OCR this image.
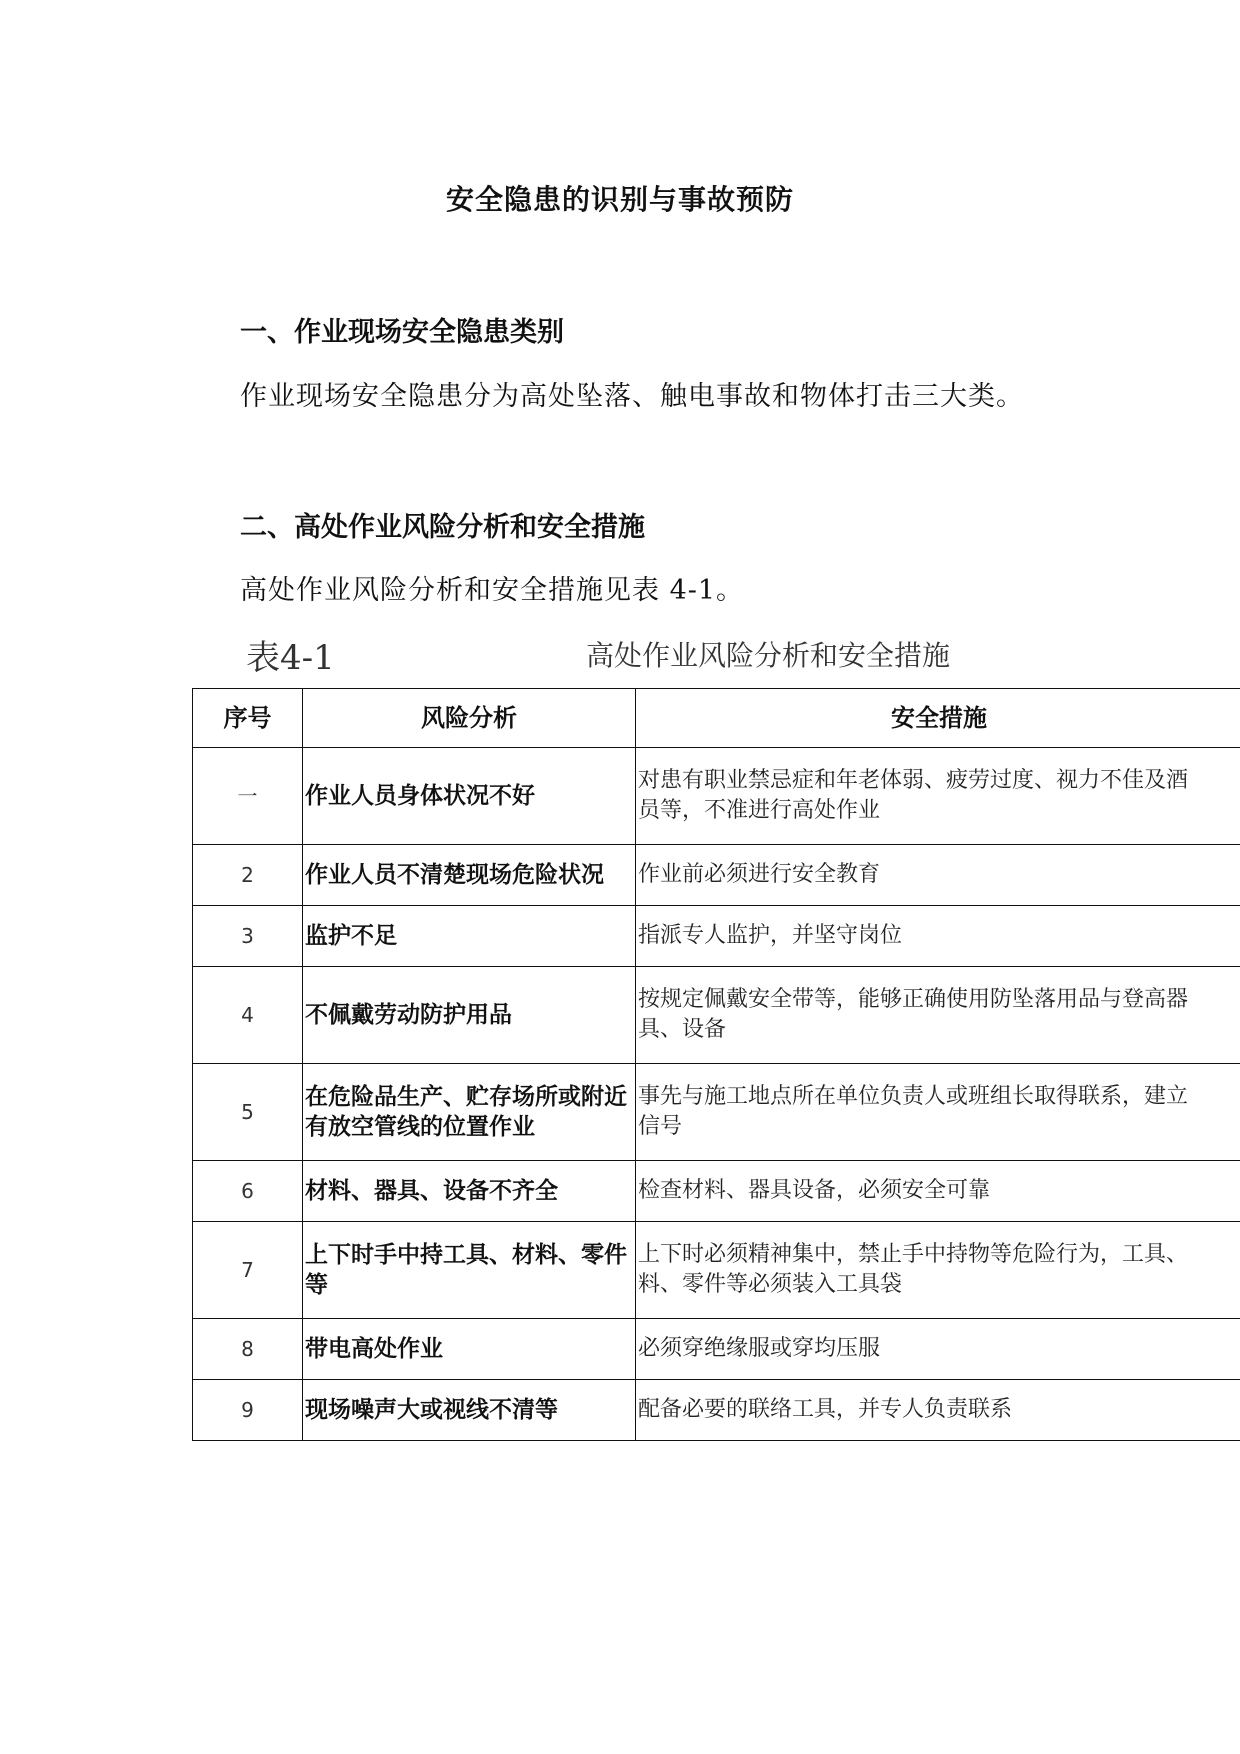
安全隐患的识别与事故预防
一、作业现场安全隐患类别

作业现场安全隐患分为高处坠落、触电事故和物体打击三大类。

二、高处作业风险分析和安全措施

高处作业风险分析和安全措施见表 4-1。

表4-1	高处作业风险分析和安全措施
序号	风险分析	安全措施
一	作业人员身体状况不好	对患有职业禁忌症和年老体弱、疲劳过度、视力不佳及酒
员等，不准进行高处作业

2	作业人员不清楚现场危险状况	作业前必须进行安全教育

3	监护不足	指派专人监护，并坚守岗位

4	不佩戴劳动防护用品	按规定佩戴安全带等，能够正确使用防坠落用品与登高器
具、设备

5	在危险品生产、贮存场所或附近有放空管线的位置作业	事先与施工地点所在单位负责人或班组长取得联系，建立
信号

6	材料、器具、设备不齐全	检查材料、器具设备，必须安全可靠

7	上下时手中持工具、材料、零件等	上下时必须精神集中，禁止手中持物等危险行为，工具、
料、零件等必须装入工具袋

8	带电高处作业	必须穿绝缘服或穿均压服

9	现场噪声大或视线不清等	配备必要的联络工具，并专人负责联系
